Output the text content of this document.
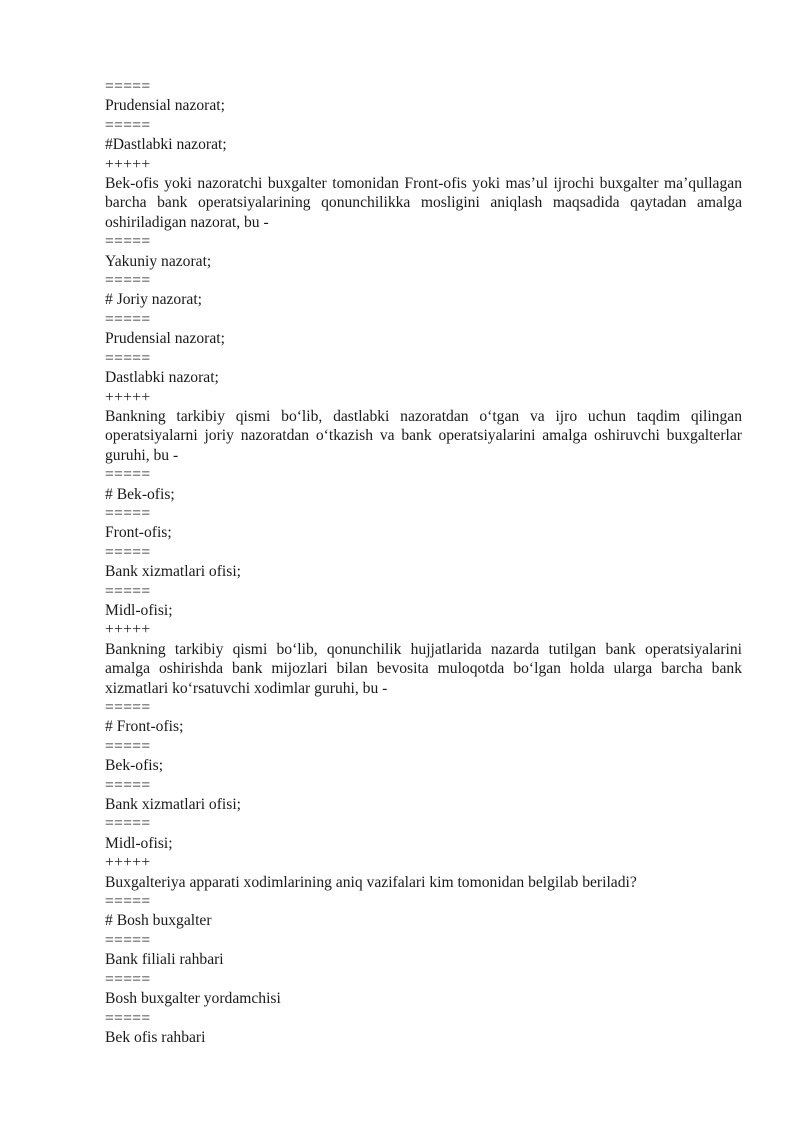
=====
Prudensial nazorat;
=====
#Dastlabki nazorat;
+++++
Bek-ofis yoki nazoratchi buxgalter tomonidan Front-ofis yoki mas’ul ijrochi buxgalter ma’qullagan barcha bank operatsiyalarining qonunchilikka mosligini aniqlash maqsadida qaytadan amalga oshiriladigan nazorat, bu -
=====
Yakuniy nazorat;
=====
# Joriy nazorat;
=====
Prudensial nazorat;
=====
Dastlabki nazorat;
+++++
Bankning tarkibiy qismi bo‘lib, dastlabki nazoratdan o‘tgan va ijro uchun taqdim qilingan operatsiyalarni joriy nazoratdan o‘tkazish va bank operatsiyalarini amalga oshiruvchi buxgalterlar guruhi, bu -
=====
# Bek-ofis;
=====
Front-ofis;
=====
Bank xizmatlari ofisi;
=====
Midl-ofisi;
+++++
Bankning tarkibiy qismi bo‘lib, qonunchilik hujjatlarida nazarda tutilgan bank operatsiyalarini amalga oshirishda bank mijozlari bilan bevosita muloqotda bo‘lgan holda ularga barcha bank xizmatlari ko‘rsatuvchi xodimlar guruhi, bu -
=====
# Front-ofis;
=====
Bek-ofis;
=====
Bank xizmatlari ofisi;
=====
Midl-ofisi;
+++++
Buxgalteriya apparati xodimlarining aniq vazifalari kim tomonidan belgilab beriladi?
=====
# Bosh buxgalter
=====
Bank filiali rahbari
=====
Bosh buxgalter yordamchisi
=====
Bek ofis rahbari
